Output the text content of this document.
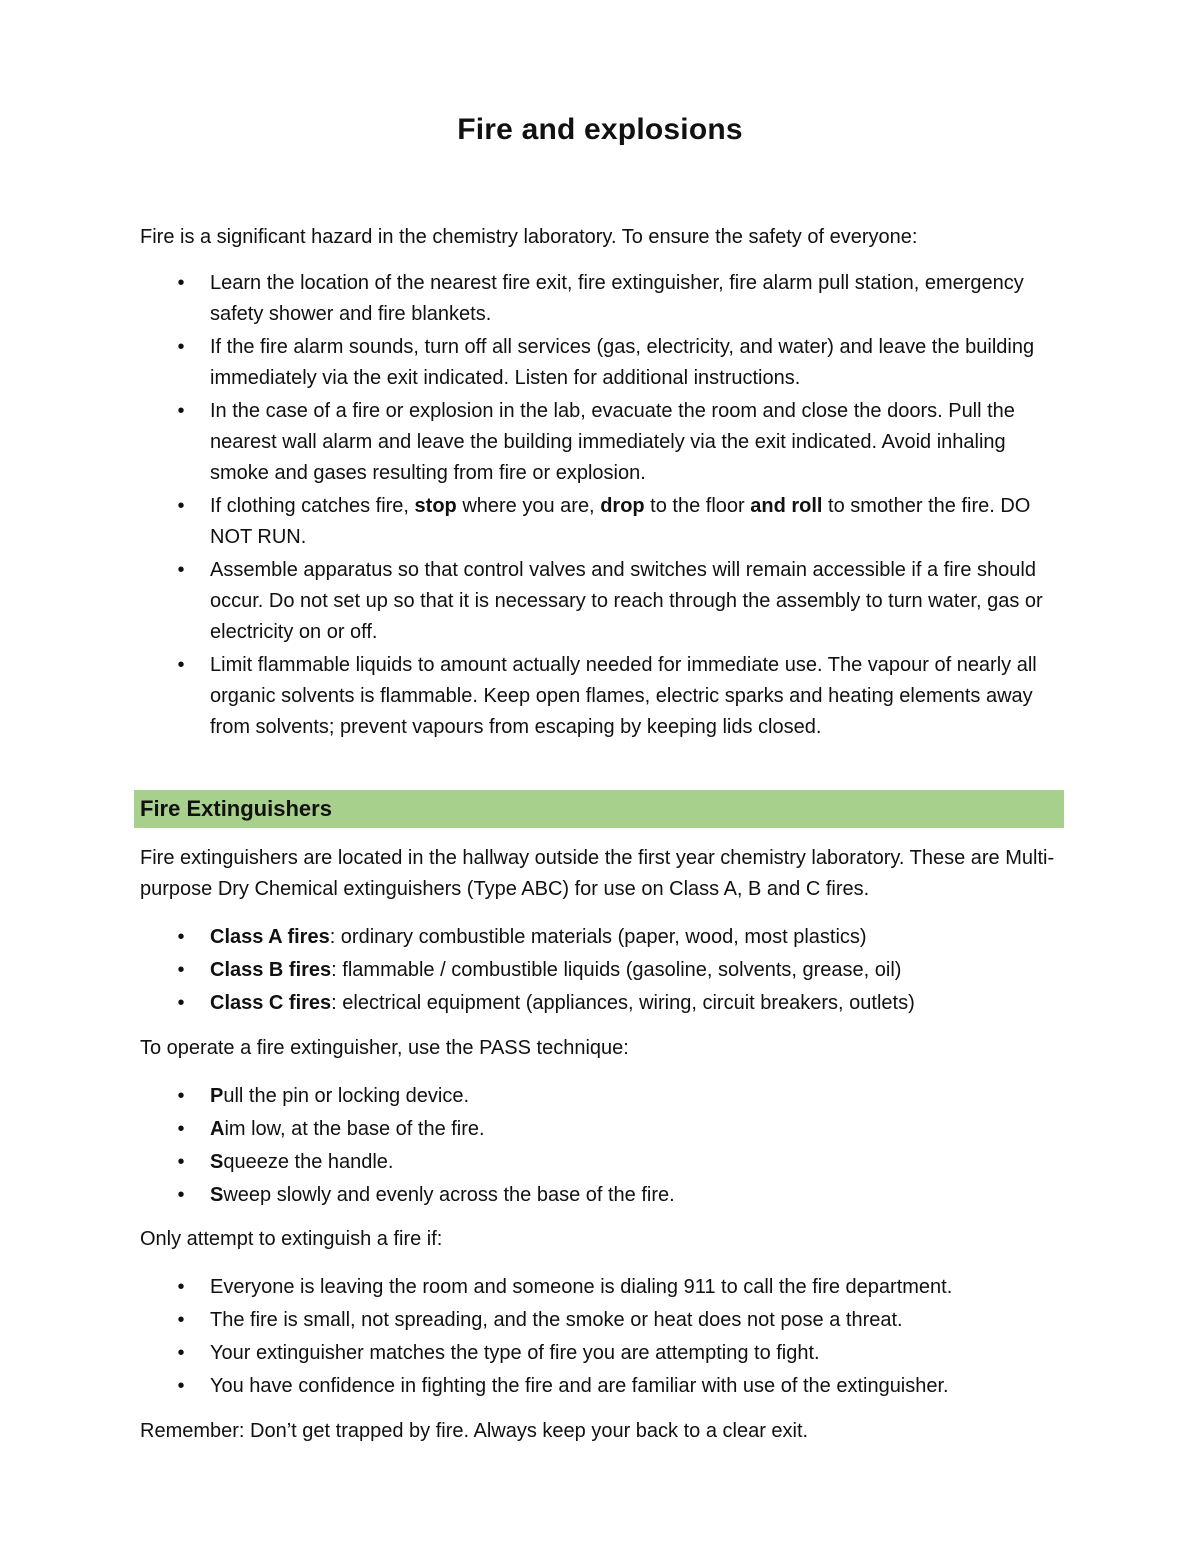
Fire and explosions

Fire is a significant hazard in the chemistry laboratory. To ensure the safety of everyone:

• Learn the location of the nearest fire exit, fire extinguisher, fire alarm pull station, emergency safety shower and fire blankets.
• If the fire alarm sounds, turn off all services (gas, electricity, and water) and leave the building immediately via the exit indicated. Listen for additional instructions.
• In the case of a fire or explosion in the lab, evacuate the room and close the doors. Pull the nearest wall alarm and leave the building immediately via the exit indicated. Avoid inhaling smoke and gases resulting from fire or explosion.
• If clothing catches fire, stop where you are, drop to the floor and roll to smother the fire. DO NOT RUN.
• Assemble apparatus so that control valves and switches will remain accessible if a fire should occur. Do not set up so that it is necessary to reach through the assembly to turn water, gas or electricity on or off.
• Limit flammable liquids to amount actually needed for immediate use. The vapour of nearly all organic solvents is flammable. Keep open flames, electric sparks and heating elements away from solvents; prevent vapours from escaping by keeping lids closed.
Fire Extinguishers

Fire extinguishers are located in the hallway outside the first year chemistry laboratory. These are Multi-purpose Dry Chemical extinguishers (Type ABC) for use on Class A, B and C fires.

• Class A fires: ordinary combustible materials (paper, wood, most plastics)
• Class B fires: flammable / combustible liquids (gasoline, solvents, grease, oil)
• Class C fires: electrical equipment (appliances, wiring, circuit breakers, outlets)

To operate a fire extinguisher, use the PASS technique:

• Pull the pin or locking device.
• Aim low, at the base of the fire.
• Squeeze the handle.
• Sweep slowly and evenly across the base of the fire.

Only attempt to extinguish a fire if:

• Everyone is leaving the room and someone is dialing 911 to call the fire department.
• The fire is small, not spreading, and the smoke or heat does not pose a threat.
• Your extinguisher matches the type of fire you are attempting to fight.
• You have confidence in fighting the fire and are familiar with use of the extinguisher.

Remember: Don’t get trapped by fire. Always keep your back to a clear exit.
